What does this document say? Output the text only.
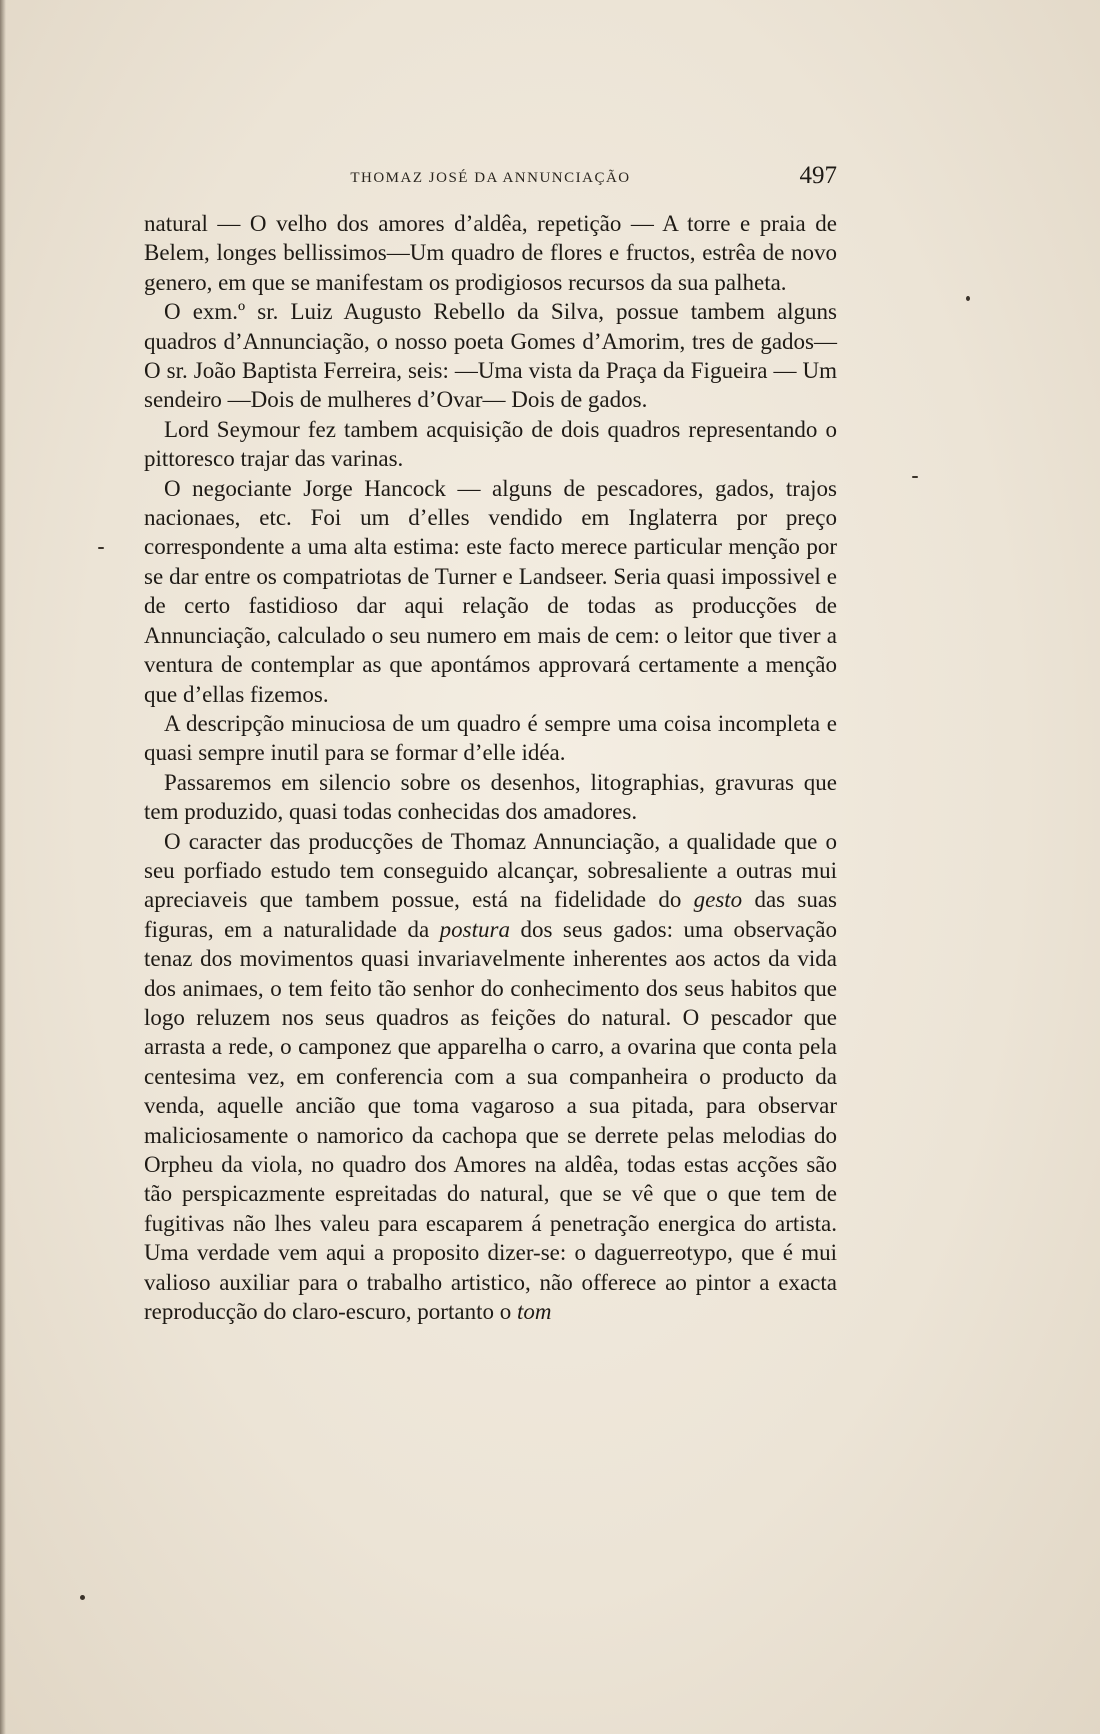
THOMAZ JOSÉ DA ANNUNCIAÇÃO	497

natural — O velho dos amores d’aldêa, repetição — A torre e praia de Belem, longes bellissimos—Um quadro de flores e fructos, estrêa de novo genero, em que se manifestam os prodigiosos recursos da sua palheta.

O exm.º sr. Luiz Augusto Rebello da Silva, possue tambem alguns quadros d’Annunciação, o nosso poeta Gomes d’Amorim, tres de gados— O sr. João Baptista Ferreira, seis: —Uma vista da Praça da Figueira — Um sendeiro —Dois de mulheres d’Ovar— Dois de gados.

Lord Seymour fez tambem acquisição de dois quadros representando o pittoresco trajar das varinas.

O negociante Jorge Hancock — alguns de pescadores, gados, trajos nacionaes, etc. Foi um d’elles vendido em Inglaterra por preço correspondente a uma alta estima: este facto merece particular menção por se dar entre os compatriotas de Turner e Landseer. Seria quasi impossivel e de certo fastidioso dar aqui relação de todas as producções de Annunciação, calculado o seu numero em mais de cem: o leitor que tiver a ventura de contemplar as que apontámos approvará certamente a menção que d’ellas fizemos.

A descripção minuciosa de um quadro é sempre uma coisa incompleta e quasi sempre inutil para se formar d’elle idéa.

Passaremos em silencio sobre os desenhos, litographias, gravuras que tem produzido, quasi todas conhecidas dos amadores.

O caracter das producções de Thomaz Annunciação, a qualidade que o seu porfiado estudo tem conseguido alcançar, sobresaliente a outras mui apreciaveis que tambem possue, está na fidelidade do gesto das suas figuras, em a naturalidade da postura dos seus gados: uma observação tenaz dos movimentos quasi invariavelmente inherentes aos actos da vida dos animaes, o tem feito tão senhor do conhecimento dos seus habitos que logo reluzem nos seus quadros as feições do natural. O pescador que arrasta a rede, o camponez que apparelha o carro, a ovarina que conta pela centesima vez, em conferencia com a sua companheira o producto da venda, aquelle ancião que toma vagaroso a sua pitada, para observar maliciosamente o namorico da cachopa que se derrete pelas melodias do Orpheu da viola, no quadro dos Amores na aldêa, todas estas acções são tão perspicazmente espreitadas do natural, que se vê que o que tem de fugitivas não lhes valeu para escaparem á penetração energica do artista. Uma verdade vem aqui a proposito dizer-se: o daguerreotypo, que é mui valioso auxiliar para o trabalho artistico, não offerece ao pintor a exacta reproducção do claro-escuro, portanto o tom
